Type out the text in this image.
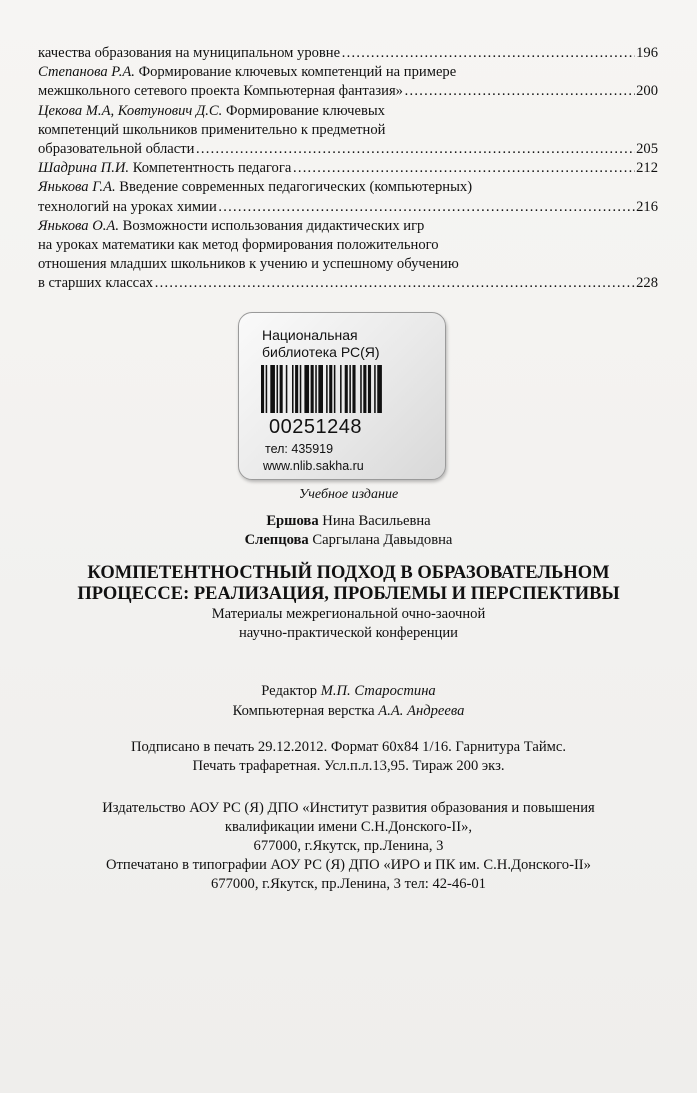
качества образования на муниципальном уровне ……………………………………………………………………………………………………………………………………………………………………………………	196
Степанова Р.А. Формирование ключевых компетенций на примере
межшкольного сетевого проекта Компьютерная фантазия» ……………………………………………………………………………………………………………………………………………………………………………………	200
Цекова М.А, Ковтунович Д.С. Формирование ключевых
компетенций школьников применительно к предметной
образовательной области ……………………………………………………………………………………………………………………………………………………………………………………	205
Шадрина П.И. Компетентность педагога ……………………………………………………………………………………………………………………………………………………………………………………	212
Янькова Г.А. Введение современных педагогических (компьютерных)
технологий на уроках химии ……………………………………………………………………………………………………………………………………………………………………………………	216
Янькова О.А. Возможности использования дидактических игр
на уроках математики как метод формирования положительного
отношения младших школьников к учению и успешному обучению
в старших классах ……………………………………………………………………………………………………………………………………………………………………………………	228
Национальная
библиотека РС(Я)
00251248
тел: 435919
www.nlib.sakha.ru
Учебное издание
Ершова Нина Васильевна
Слепцова Саргылана Давыдовна
КОМПЕТЕНТНОСТНЫЙ ПОДХОД В ОБРАЗОВАТЕЛЬНОМ
ПРОЦЕССЕ: РЕАЛИЗАЦИЯ, ПРОБЛЕМЫ И ПЕРСПЕКТИВЫ
Материалы межрегиональной очно-заочной
научно-практической конференции
Редактор М.П. Старостина
Компьютерная верстка А.А. Андреева
Подписано в печать 29.12.2012. Формат 60х84 1/16. Гарнитура Таймс.
Печать трафаретная. Усл.п.л.13,95. Тираж 200 экз.
Издательство АОУ РС (Я) ДПО «Институт развития образования и повышения
квалификации имени С.Н.Донского-II»,
677000, г.Якутск, пр.Ленина, 3
Отпечатано в типографии АОУ РС (Я) ДПО «ИРО и ПК им. С.Н.Донского-II»
677000, г.Якутск, пр.Ленина, 3 тел: 42-46-01
